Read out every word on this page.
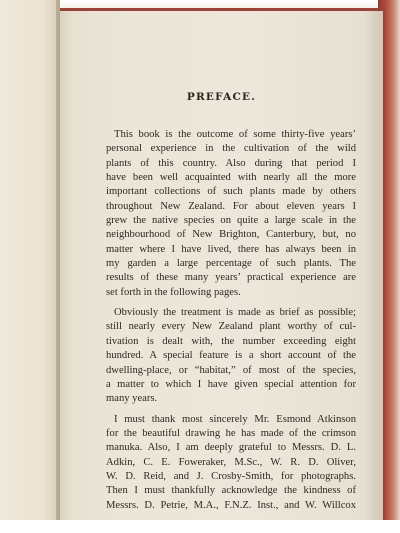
PREFACE.

This book is the outcome of some thirty-five years’
personal experience in the cultivation of the wild
plants of this country. Also during that period I
have been well acquainted with nearly all the more
important collections of such plants made by others
throughout New Zealand. For about eleven years I
grew the native species on quite a large scale in the
neighbourhood of New Brighton, Canterbury, but, no
matter where I have lived, there has always been in
my garden a large percentage of such plants. The
results of these many years’ practical experience are
set forth in the following pages.

Obviously the treatment is made as brief as possible;
still nearly every New Zealand plant worthy of cul-
tivation is dealt with, the number exceeding eight
hundred. A special feature is a short account of the
dwelling-place, or “habitat,” of most of the species,
a matter to which I have given special attention for
many years.

I must thank most sincerely Mr. Esmond Atkinson
for the beautiful drawing he has made of the crimson
manuka. Also, I am deeply grateful to Messrs. D. L.
Adkin, C. E. Foweraker, M.Sc., W. R. D. Oliver,
W. D. Reid, and J. Crosby-Smith, for photographs.
Then I must thankfully acknowledge the kindness of
Messrs. D. Petrie, M.A., F.N.Z. Inst., and W. Willcox
